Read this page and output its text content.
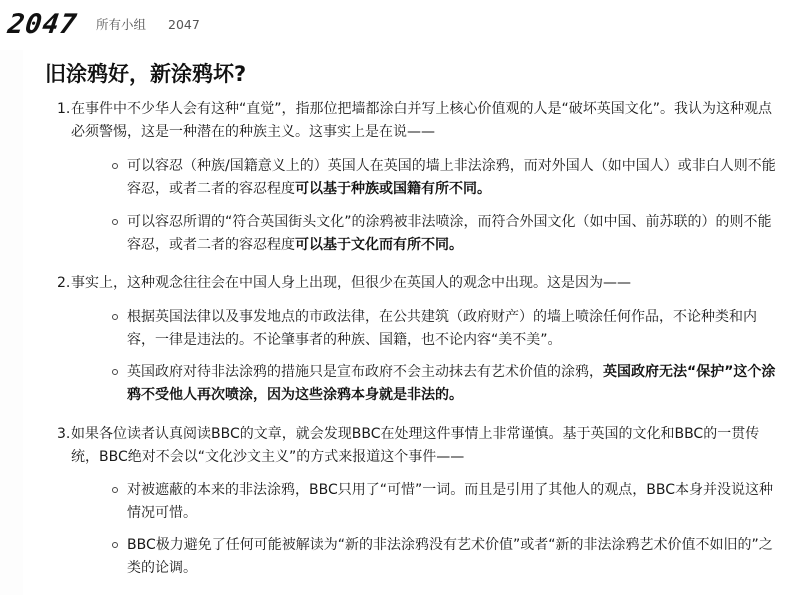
2047 所有小组 2047
旧涂鸦好，新涂鸦坏?
1. 在事件中不少华人会有这种“直觉”，指那位把墙都涂白并写上核心价值观的人是“破坏英国文化”。我认为这种观点必须警惕，这是一种潜在的种族主义。这事实上是在说——
可以容忍（种族/国籍意义上的）英国人在英国的墙上非法涂鸦，而对外国人（如中国人）或非白人则不能容忍，或者二者的容忍程度可以基于种族或国籍有所不同。
可以容忍所谓的“符合英国街头文化”的涂鸦被非法喷涂，而符合外国文化（如中国、前苏联的）的则不能容忍，或者二者的容忍程度可以基于文化而有所不同。
2. 事实上，这种观念往往会在中国人身上出现，但很少在英国人的观念中出现。这是因为——
根据英国法律以及事发地点的市政法律，在公共建筑（政府财产）的墙上喷涂任何作品，不论种类和内容，一律是违法的。不论肇事者的种族、国籍，也不论内容“美不美”。
英国政府对待非法涂鸦的措施只是宣布政府不会主动抹去有艺术价值的涂鸦，英国政府无法“保护”这个涂鸦不受他人再次喷涂，因为这些涂鸦本身就是非法的。
3. 如果各位读者认真阅读BBC的文章，就会发现BBC在处理这件事情上非常谨慎。基于英国的文化和BBC的一贯传统，BBC绝对不会以“文化沙文主义”的方式来报道这个事件——
对被遮蔽的本来的非法涂鸦，BBC只用了“可惜”一词。而且是引用了其他人的观点，BBC本身并没说这种情况可惜。
BBC极力避免了任何可能被解读为“新的非法涂鸦没有艺术价值”或者“新的非法涂鸦艺术价值不如旧的”之类的论调。
